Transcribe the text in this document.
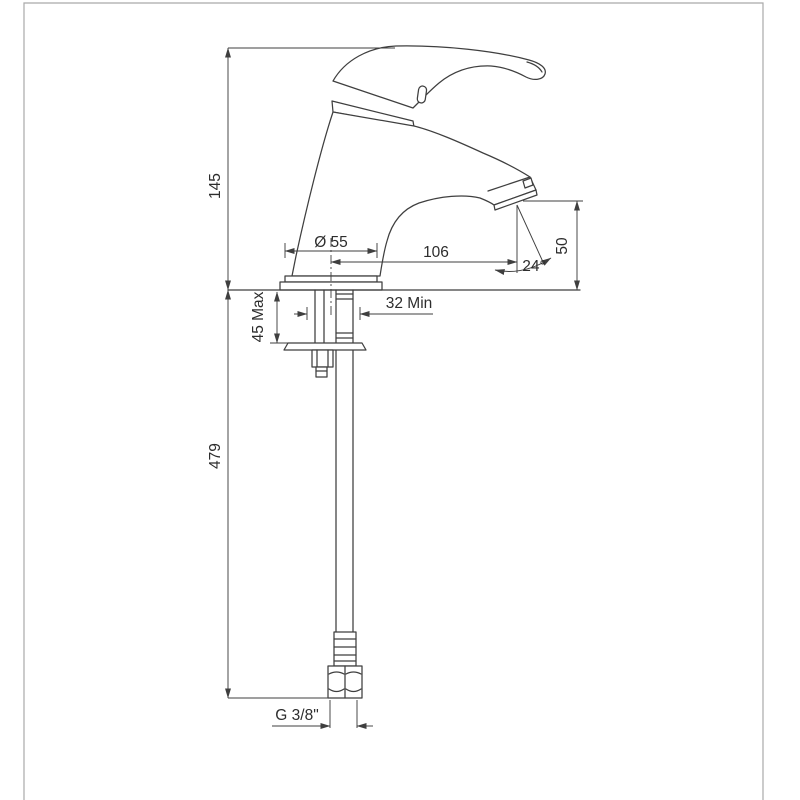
145
479
Ø 55
106
24°
50
32 Min
45 Max
G 3/8"
